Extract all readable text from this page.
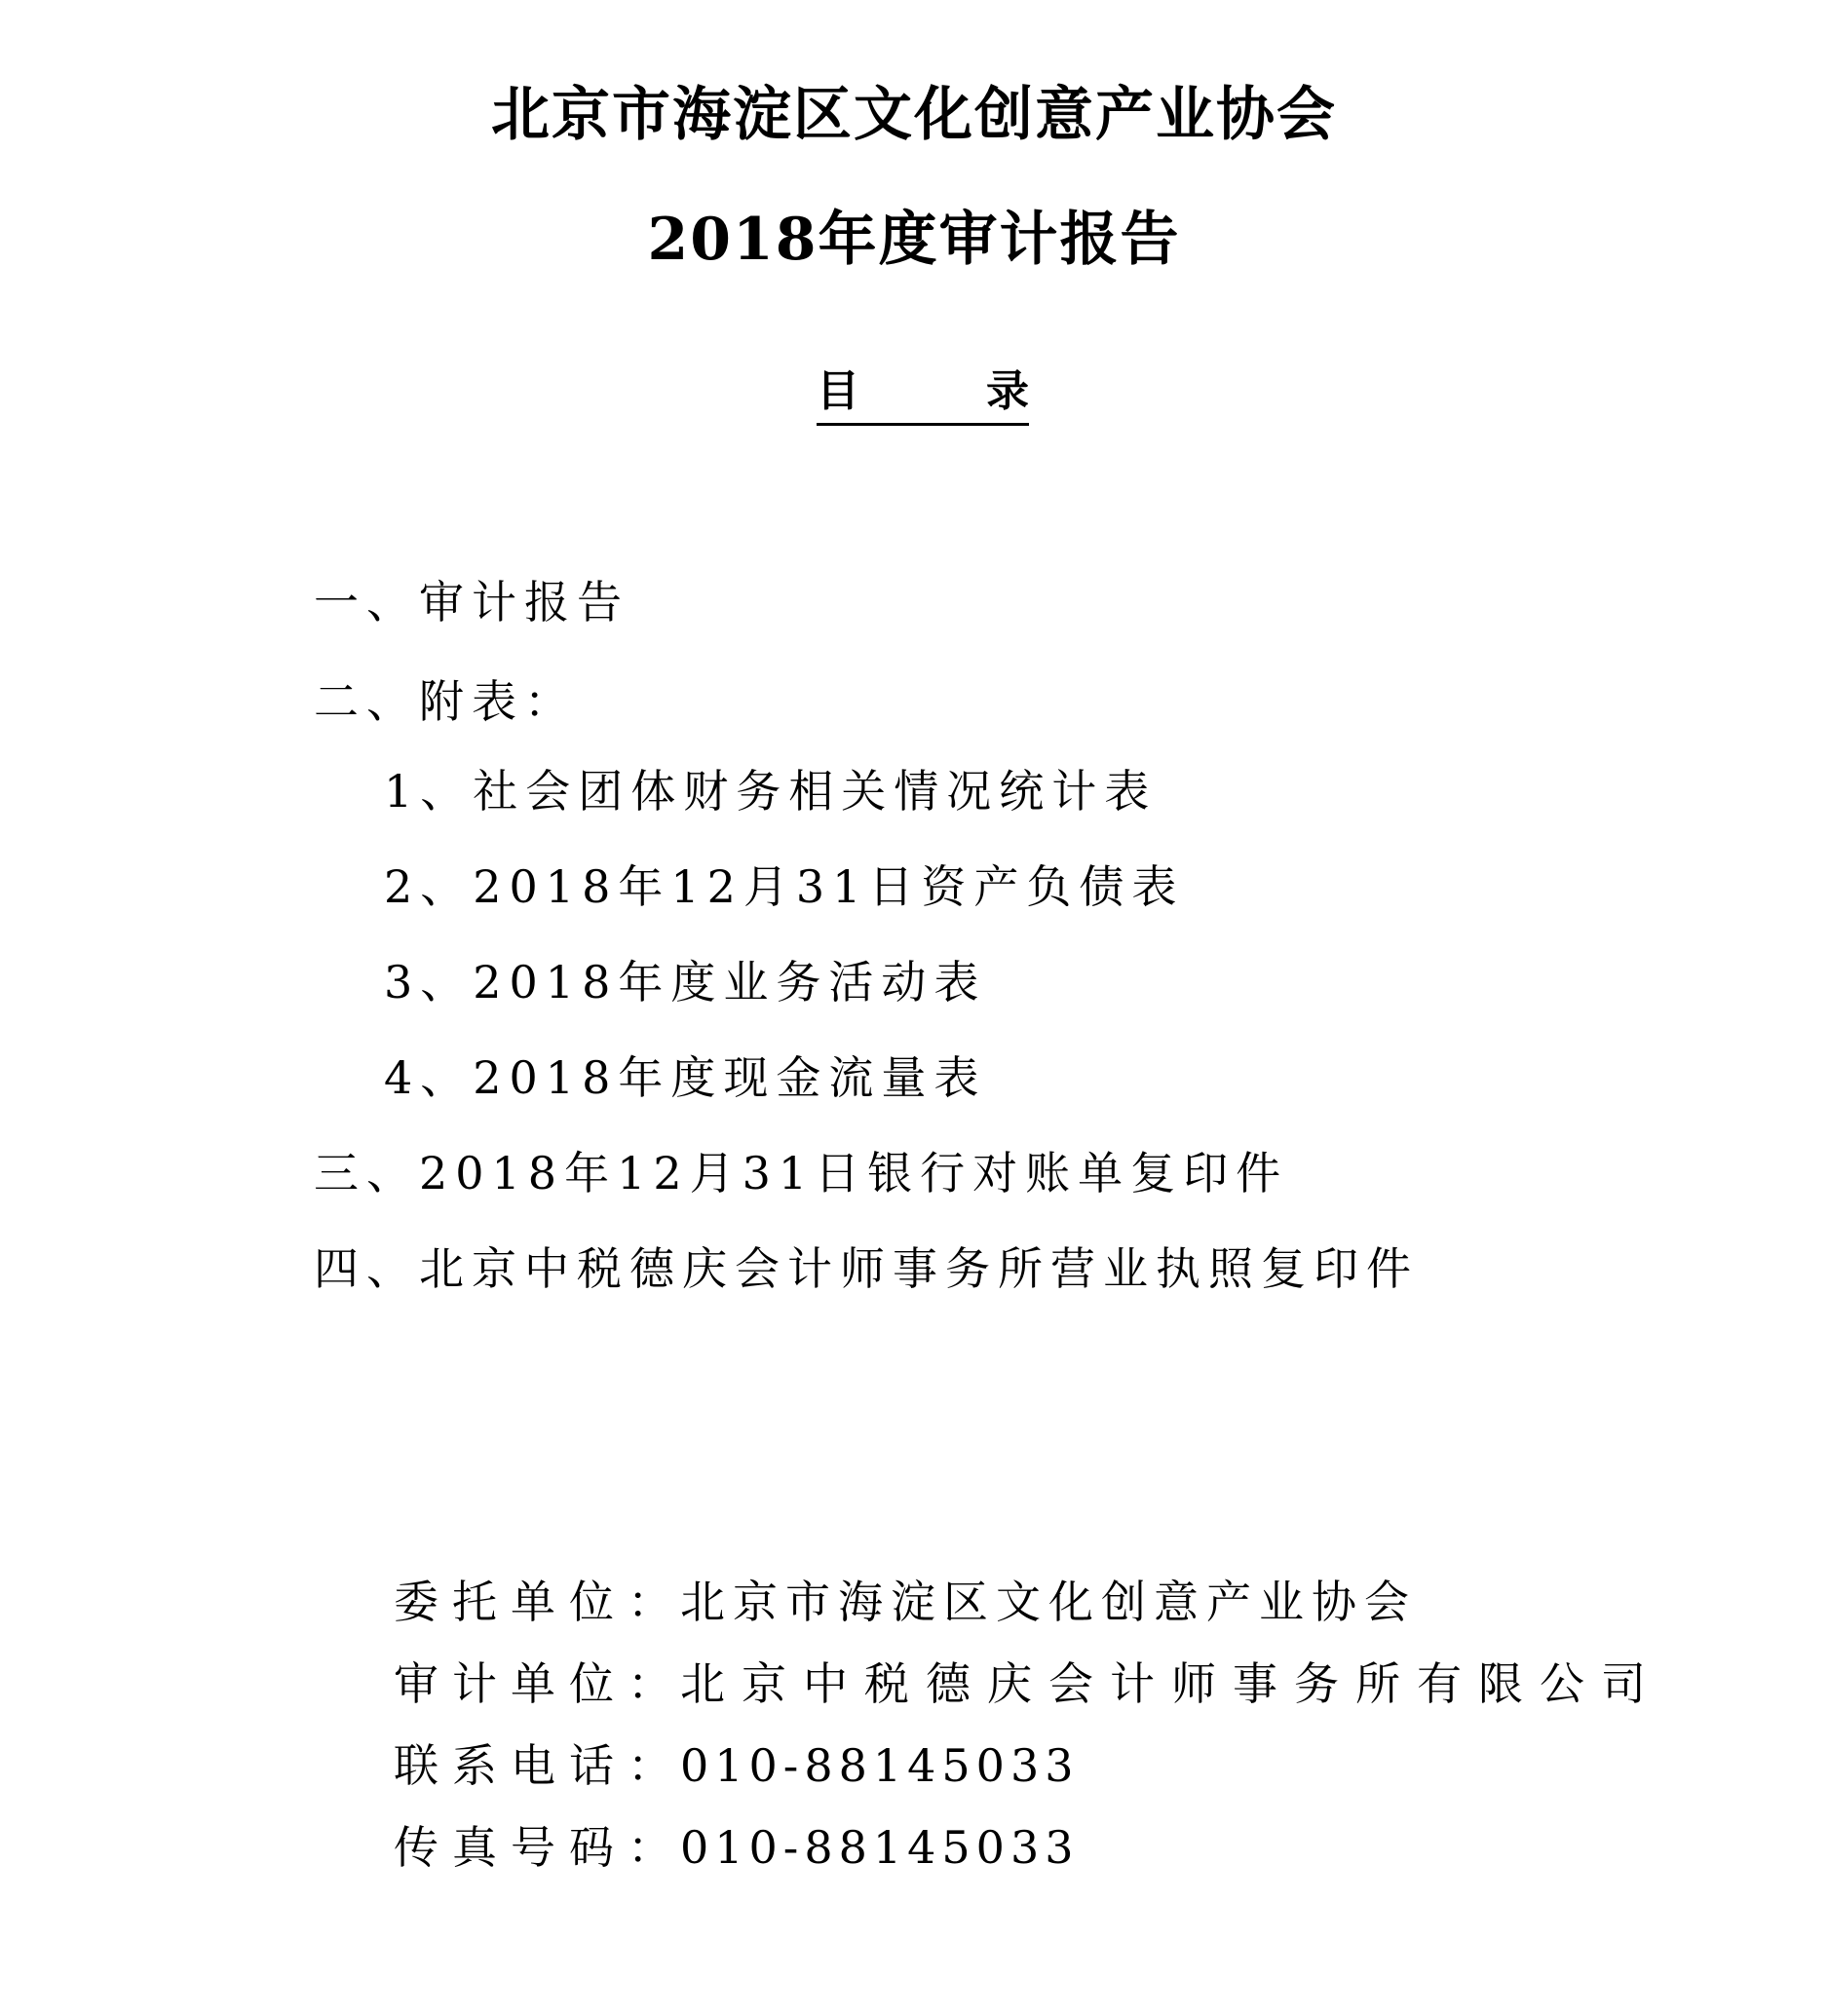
北京市海淀区文化创意产业协会
2018年度审计报告
目	录
一、审计报告
二、附表：
1、社会团体财务相关情况统计表
2、2018年12月31日资产负债表
3、2018年度业务活动表
4、2018年度现金流量表
三、2018年12月31日银行对账单复印件
四、北京中税德庆会计师事务所营业执照复印件
委托单位：北京市海淀区文化创意产业协会
审计单位：北京中税德庆会计师事务所有限公司
联系电话：010-88145033
传真号码：010-88145033
